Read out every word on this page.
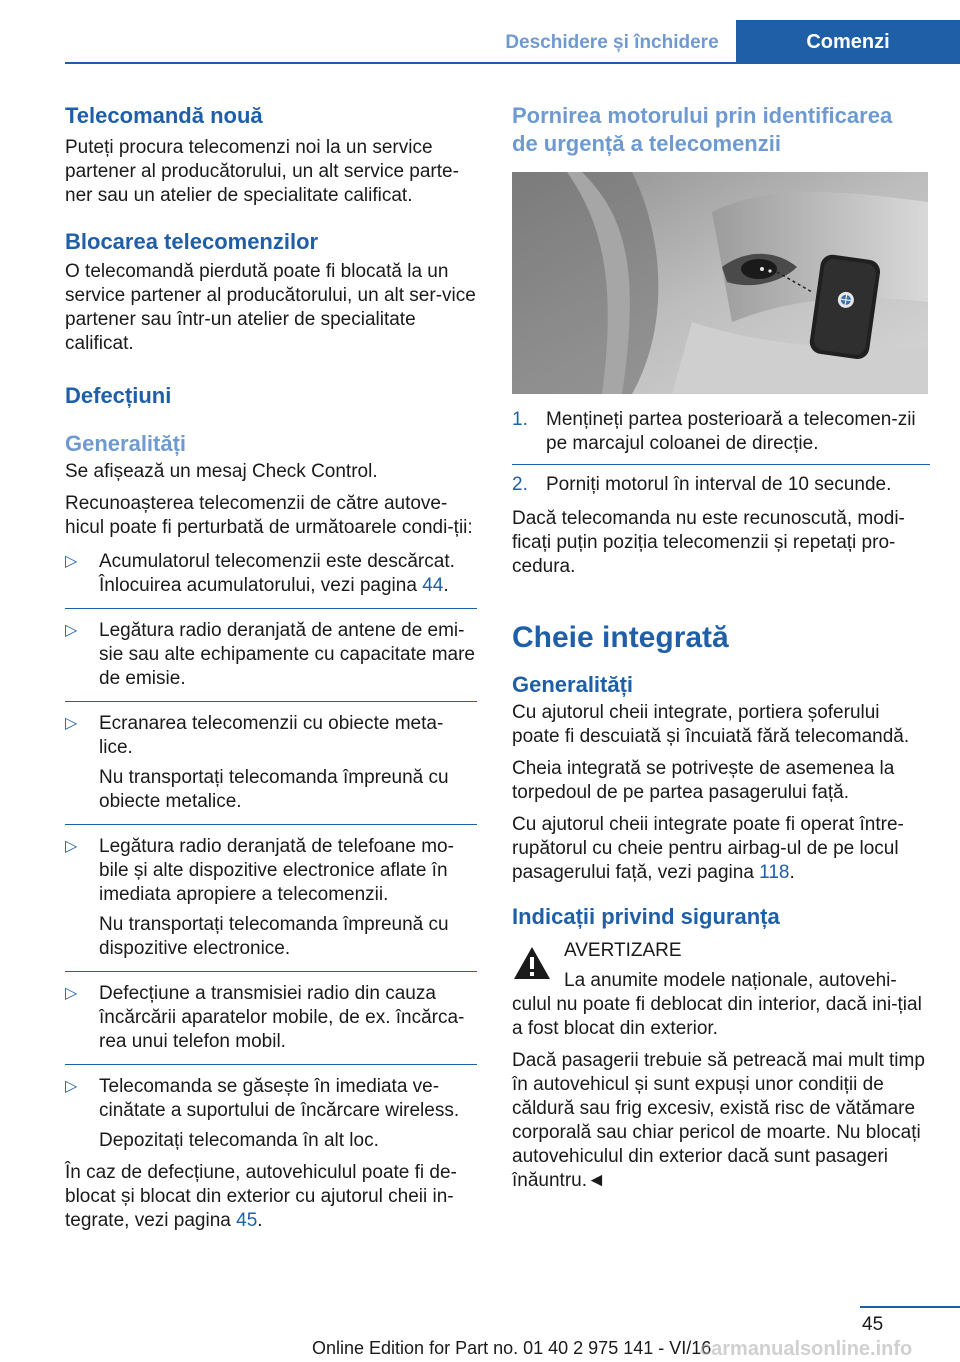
Deschidere și închidere	Comenzi
Telecomandă nouă

Puteți procura telecomenzi noi la un service partener al producătorului, un alt service parte‐ner sau un atelier de specialitate calificat.

Blocarea telecomenzilor

O telecomandă pierdută poate fi blocată la un service partener al producătorului, un alt ser‐vice partener sau într-un atelier de specialitate calificat.

Defecțiuni
Generalități

Se afișează un mesaj Check Control.

Recunoașterea telecomenzii de către autove‐hicul poate fi perturbată de următoarele condi‐ții:

▷ Acumulatorul telecomenzii este descărcat. Înlocuirea acumulatorului, vezi pagina 44.
▷ Legătura radio deranjată de antene de emi‐sie sau alte echipamente cu capacitate mare de emisie.
▷ Ecranarea telecomenzii cu obiecte meta‐lice.
Nu transportați telecomanda împreună cu obiecte metalice.
▷ Legătura radio deranjată de telefoane mo‐bile și alte dispozitive electronice aflate în imediata apropiere a telecomenzii.
Nu transportați telecomanda împreună cu dispozitive electronice.
▷ Defecțiune a transmisiei radio din cauza încărcării aparatelor mobile, de ex. încărca‐rea unui telefon mobil.
▷ Telecomanda se găsește în imediata ve‐cinătate a suportului de încărcare wireless.
Depozitați telecomanda în alt loc.

În caz de defecțiune, autovehiculul poate fi de‐blocat și blocat din exterior cu ajutorul cheii in‐tegrate, vezi pagina 45.

Pornirea motorului prin identificarea de urgență a telecomenzii
1. Mențineți partea posterioară a telecomen‐zii pe marcajul coloanei de direcție.
2. Porniți motorul în interval de 10 secunde.

Dacă telecomanda nu este recunoscută, modi‐ficați puțin poziția telecomenzii și repetați pro‐cedura.

Cheie integrată
Generalități

Cu ajutorul cheii integrate, portiera șoferului poate fi descuiată și încuiată fără telecomandă.

Cheia integrată se potrivește de asemenea la torpedoul de pe partea pasagerului față.

Cu ajutorul cheii integrate poate fi operat între‐rupătorul cu cheie pentru airbag-ul de pe locul pasagerului față, vezi pagina 118.

Indicații privind siguranța
AVERTIZARE

La anumite modele naționale, autovehi‐culul nu poate fi deblocat din interior, dacă ini‐țial a fost blocat din exterior.

Dacă pasagerii trebuie să petreacă mai mult timp în autovehicul și sunt expuși unor condiții de căldură sau frig excesiv, există risc de vătămare corporală sau chiar pericol de moarte. Nu blocați autovehiculul din exterior dacă sunt pasageri înăuntru.◄

45
Online Edition for Part no. 01 40 2 975 141 - VI/16
carmanualsonline.info
